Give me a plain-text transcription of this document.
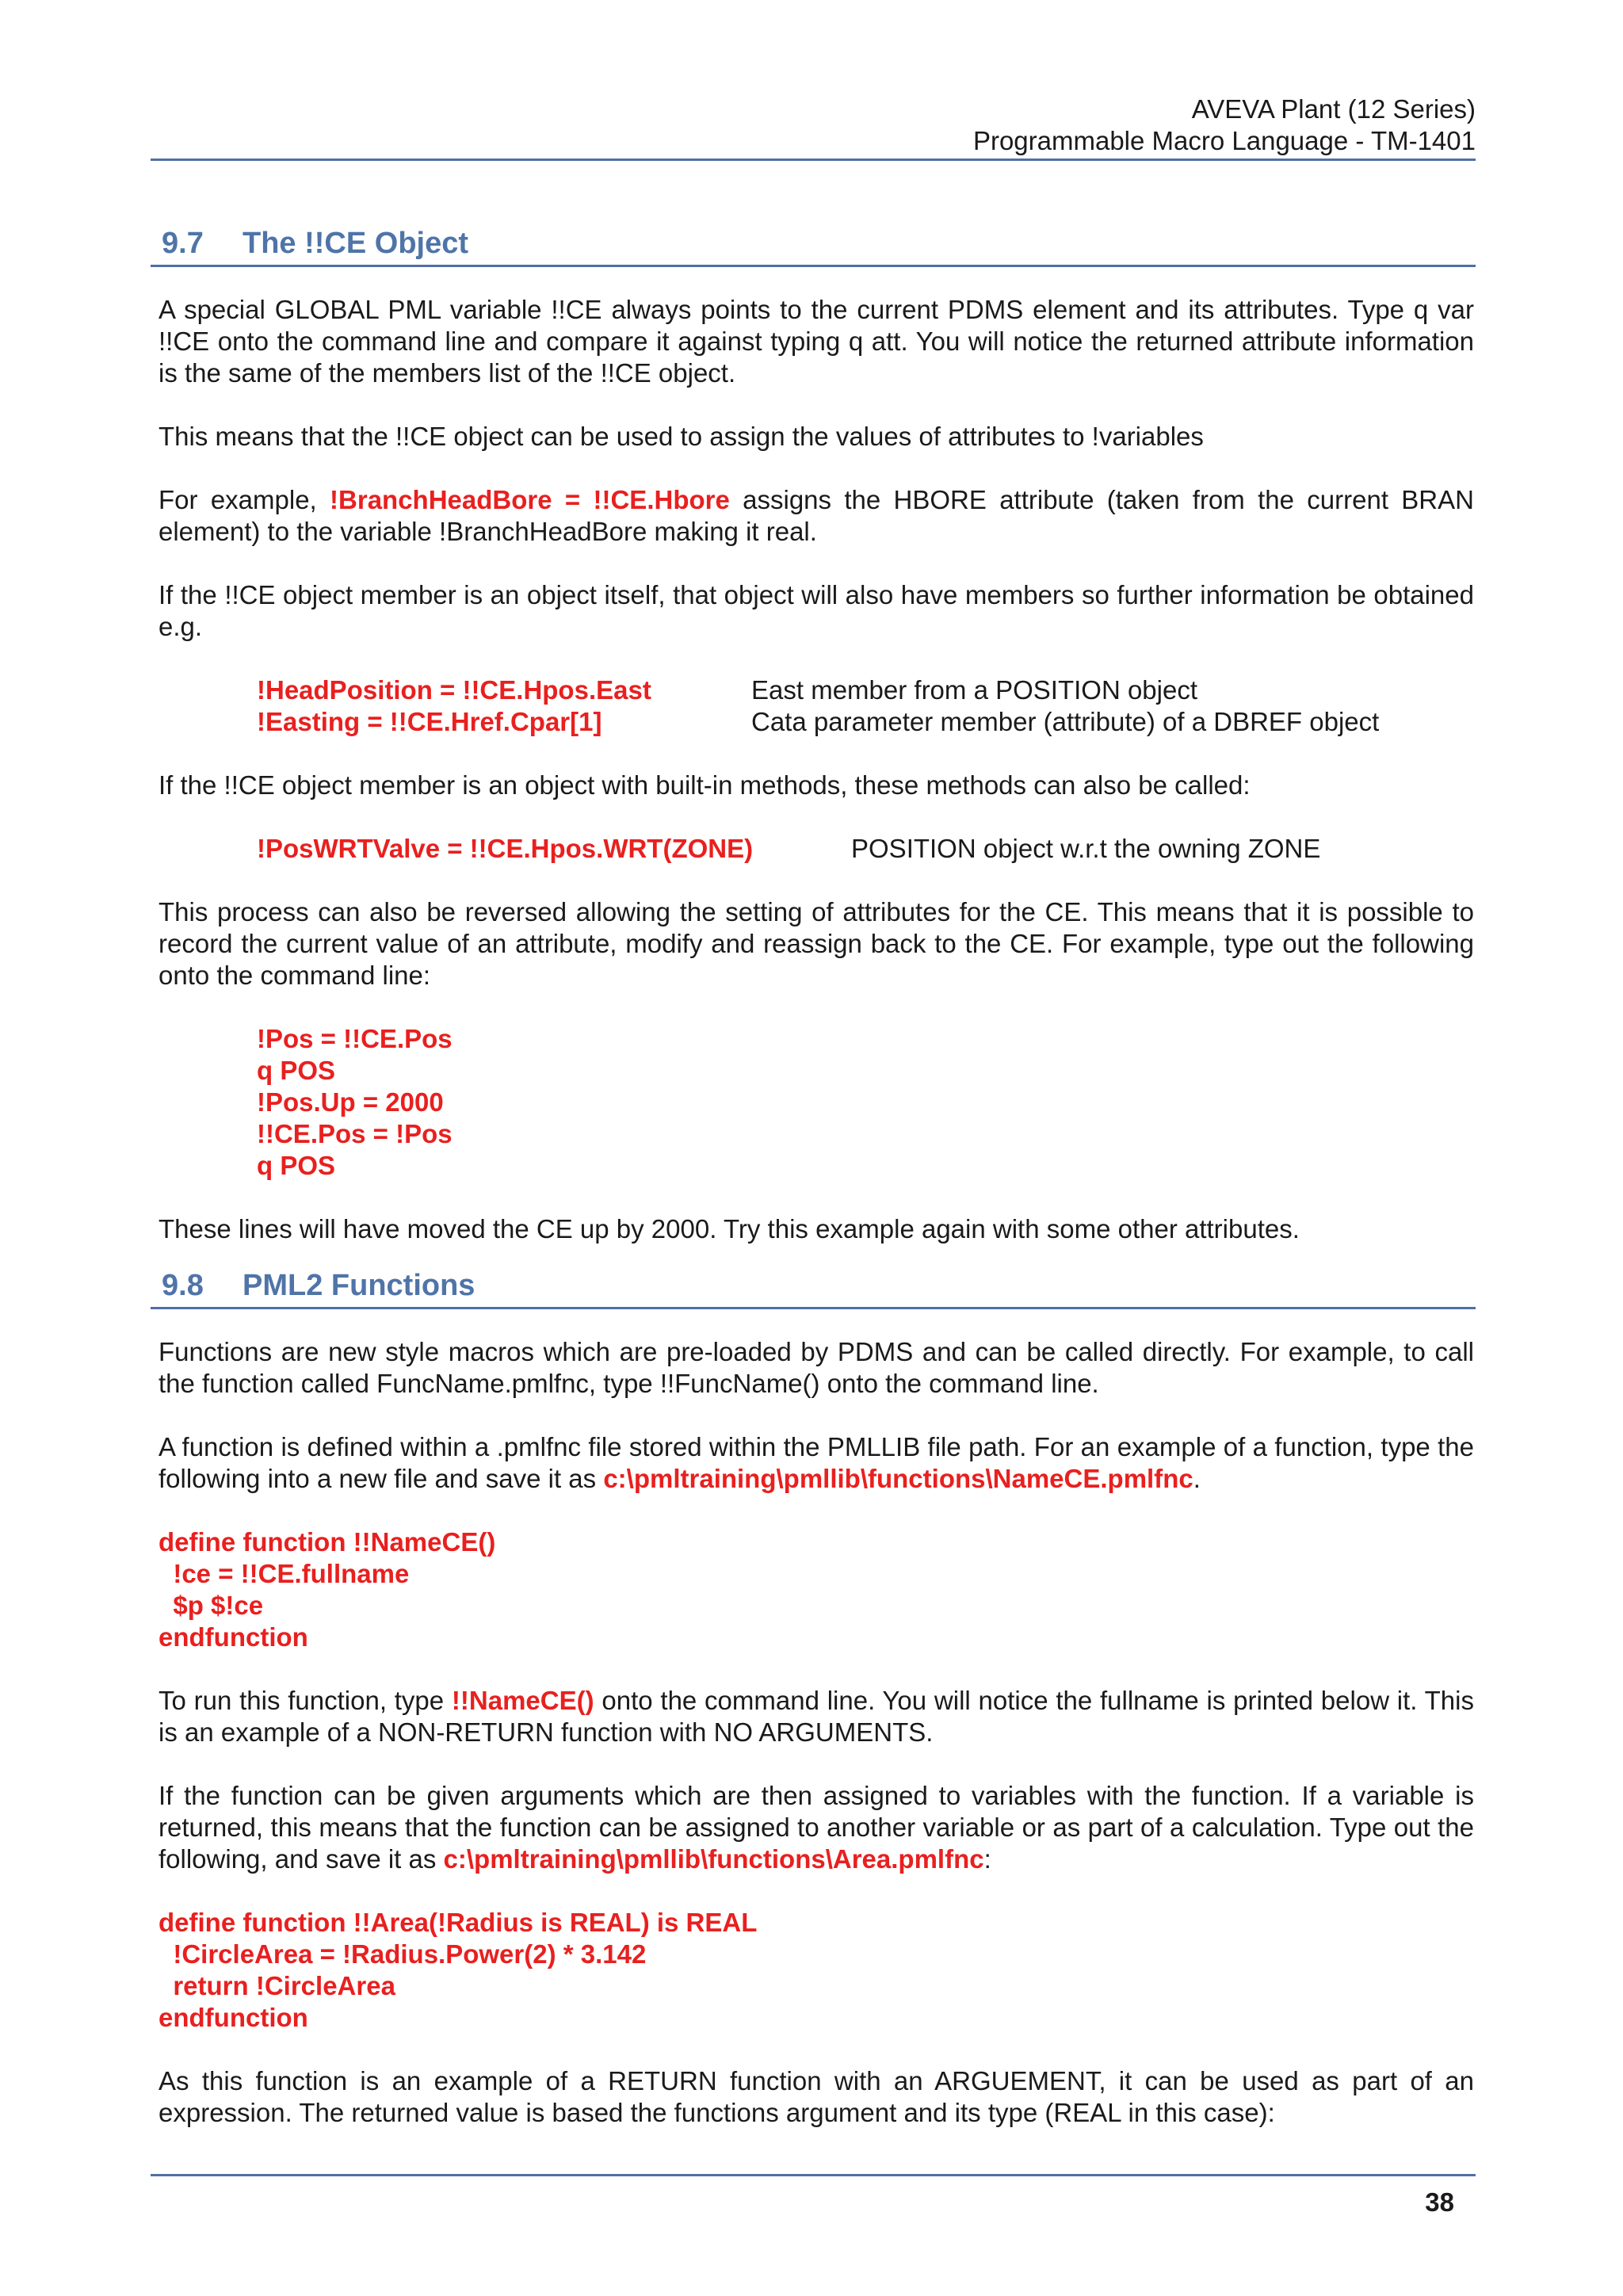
AVEVA Plant (12 Series)
Programmable Macro Language - TM-1401
9.7 The !!CE Object

A special GLOBAL PML variable !!CE always points to the current PDMS element and its attributes. Type q var !!CE onto the command line and compare it against typing q att. You will notice the returned attribute information is the same of the members list of the !!CE object.

This means that the !!CE object can be used to assign the values of attributes to !variables

For example, !BranchHeadBore = !!CE.Hbore assigns the HBORE attribute (taken from the current BRAN element) to the variable !BranchHeadBore making it real.

If the !!CE object member is an object itself, that object will also have members so further information be obtained e.g.

!HeadPosition = !!CE.Hpos.East	East member from a POSITION object
!Easting = !!CE.Href.Cpar[1]	Cata parameter member (attribute) of a DBREF object

If the !!CE object member is an object with built-in methods, these methods can also be called:

!PosWRTValve = !!CE.Hpos.WRT(ZONE)	POSITION object w.r.t the owning ZONE

This process can also be reversed allowing the setting of attributes for the CE. This means that it is possible to record the current value of an attribute, modify and reassign back to the CE. For example, type out the following onto the command line:

!Pos = !!CE.Pos
q POS
!Pos.Up = 2000
!!CE.Pos = !Pos
q POS

These lines will have moved the CE up by 2000. Try this example again with some other attributes.

9.8 PML2 Functions

Functions are new style macros which are pre-loaded by PDMS and can be called directly. For example, to call the function called FuncName.pmlfnc, type !!FuncName() onto the command line.

A function is defined within a .pmlfnc file stored within the PMLLIB file path. For an example of a function, type the following into a new file and save it as c:\pmltraining\pmllib\functions\NameCE.pmlfnc.

define function !!NameCE()
!ce = !!CE.fullname
$p $!ce
endfunction

To run this function, type !!NameCE() onto the command line. You will notice the fullname is printed below it. This is an example of a NON-RETURN function with NO ARGUMENTS.

If the function can be given arguments which are then assigned to variables with the function. If a variable is returned, this means that the function can be assigned to another variable or as part of a calculation. Type out the following, and save it as c:\pmltraining\pmllib\functions\Area.pmlfnc:

define function !!Area(!Radius is REAL) is REAL
!CircleArea = !Radius.Power(2) * 3.142
return !CircleArea
endfunction

As this function is an example of a RETURN function with an ARGUEMENT, it can be used as part of an expression. The returned value is based the functions argument and its type (REAL in this case):

38
